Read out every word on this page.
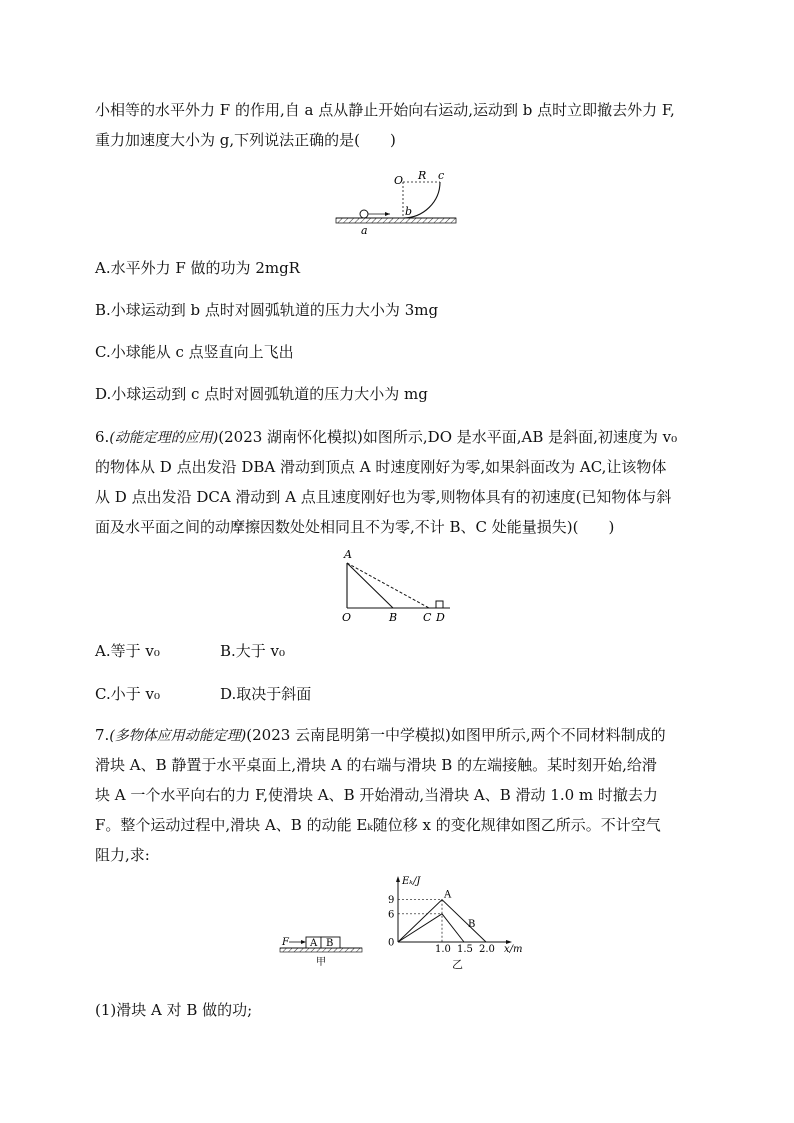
小相等的水平外力 F 的作用,自 a 点从静止开始向右运动,运动到 b 点时立即撤去外力 F,
重力加速度大小为 g,下列说法正确的是(　　)
O R c
b
a
A.水平外力 F 做的功为 2mgR
B.小球运动到 b 点时对圆弧轨道的压力大小为 3mg
C.小球能从 c 点竖直向上飞出
D.小球运动到 c 点时对圆弧轨道的压力大小为 mg
6.(动能定理的应用)(2023 湖南怀化模拟)如图所示,DO 是水平面,AB 是斜面,初速度为 v₀
的物体从 D 点出发沿 DBA 滑动到顶点 A 时速度刚好为零,如果斜面改为 AC,让该物体
从 D 点出发沿 DCA 滑动到 A 点且速度刚好也为零,则物体具有的初速度(已知物体与斜
面及水平面之间的动摩擦因数处处相同且不为零,不计 B、C 处能量损失)(　　)
A
O	B C D
A.等于 v₀	B.大于 v₀
C.小于 v₀	D.取决于斜面
7.(多物体应用动能定理)(2023 云南昆明第一中学模拟)如图甲所示,两个不同材料制成的
滑块 A、B 静置于水平桌面上,滑块 A 的右端与滑块 B 的左端接触。某时刻开始,给滑
块 A 一个水平向右的力 F,使滑块 A、B 开始滑动,当滑块 A、B 滑动 1.0 m 时撤去力
F。整个运动过程中,滑块 A、B 的动能 Eₖ随位移 x 的变化规律如图乙所示。不计空气
阻力,求:
F A B
甲
Eₖ/J
x/m
9
6
0
1.0 1.5 2.0
A
B
乙
(1)滑块 A 对 B 做的功;
